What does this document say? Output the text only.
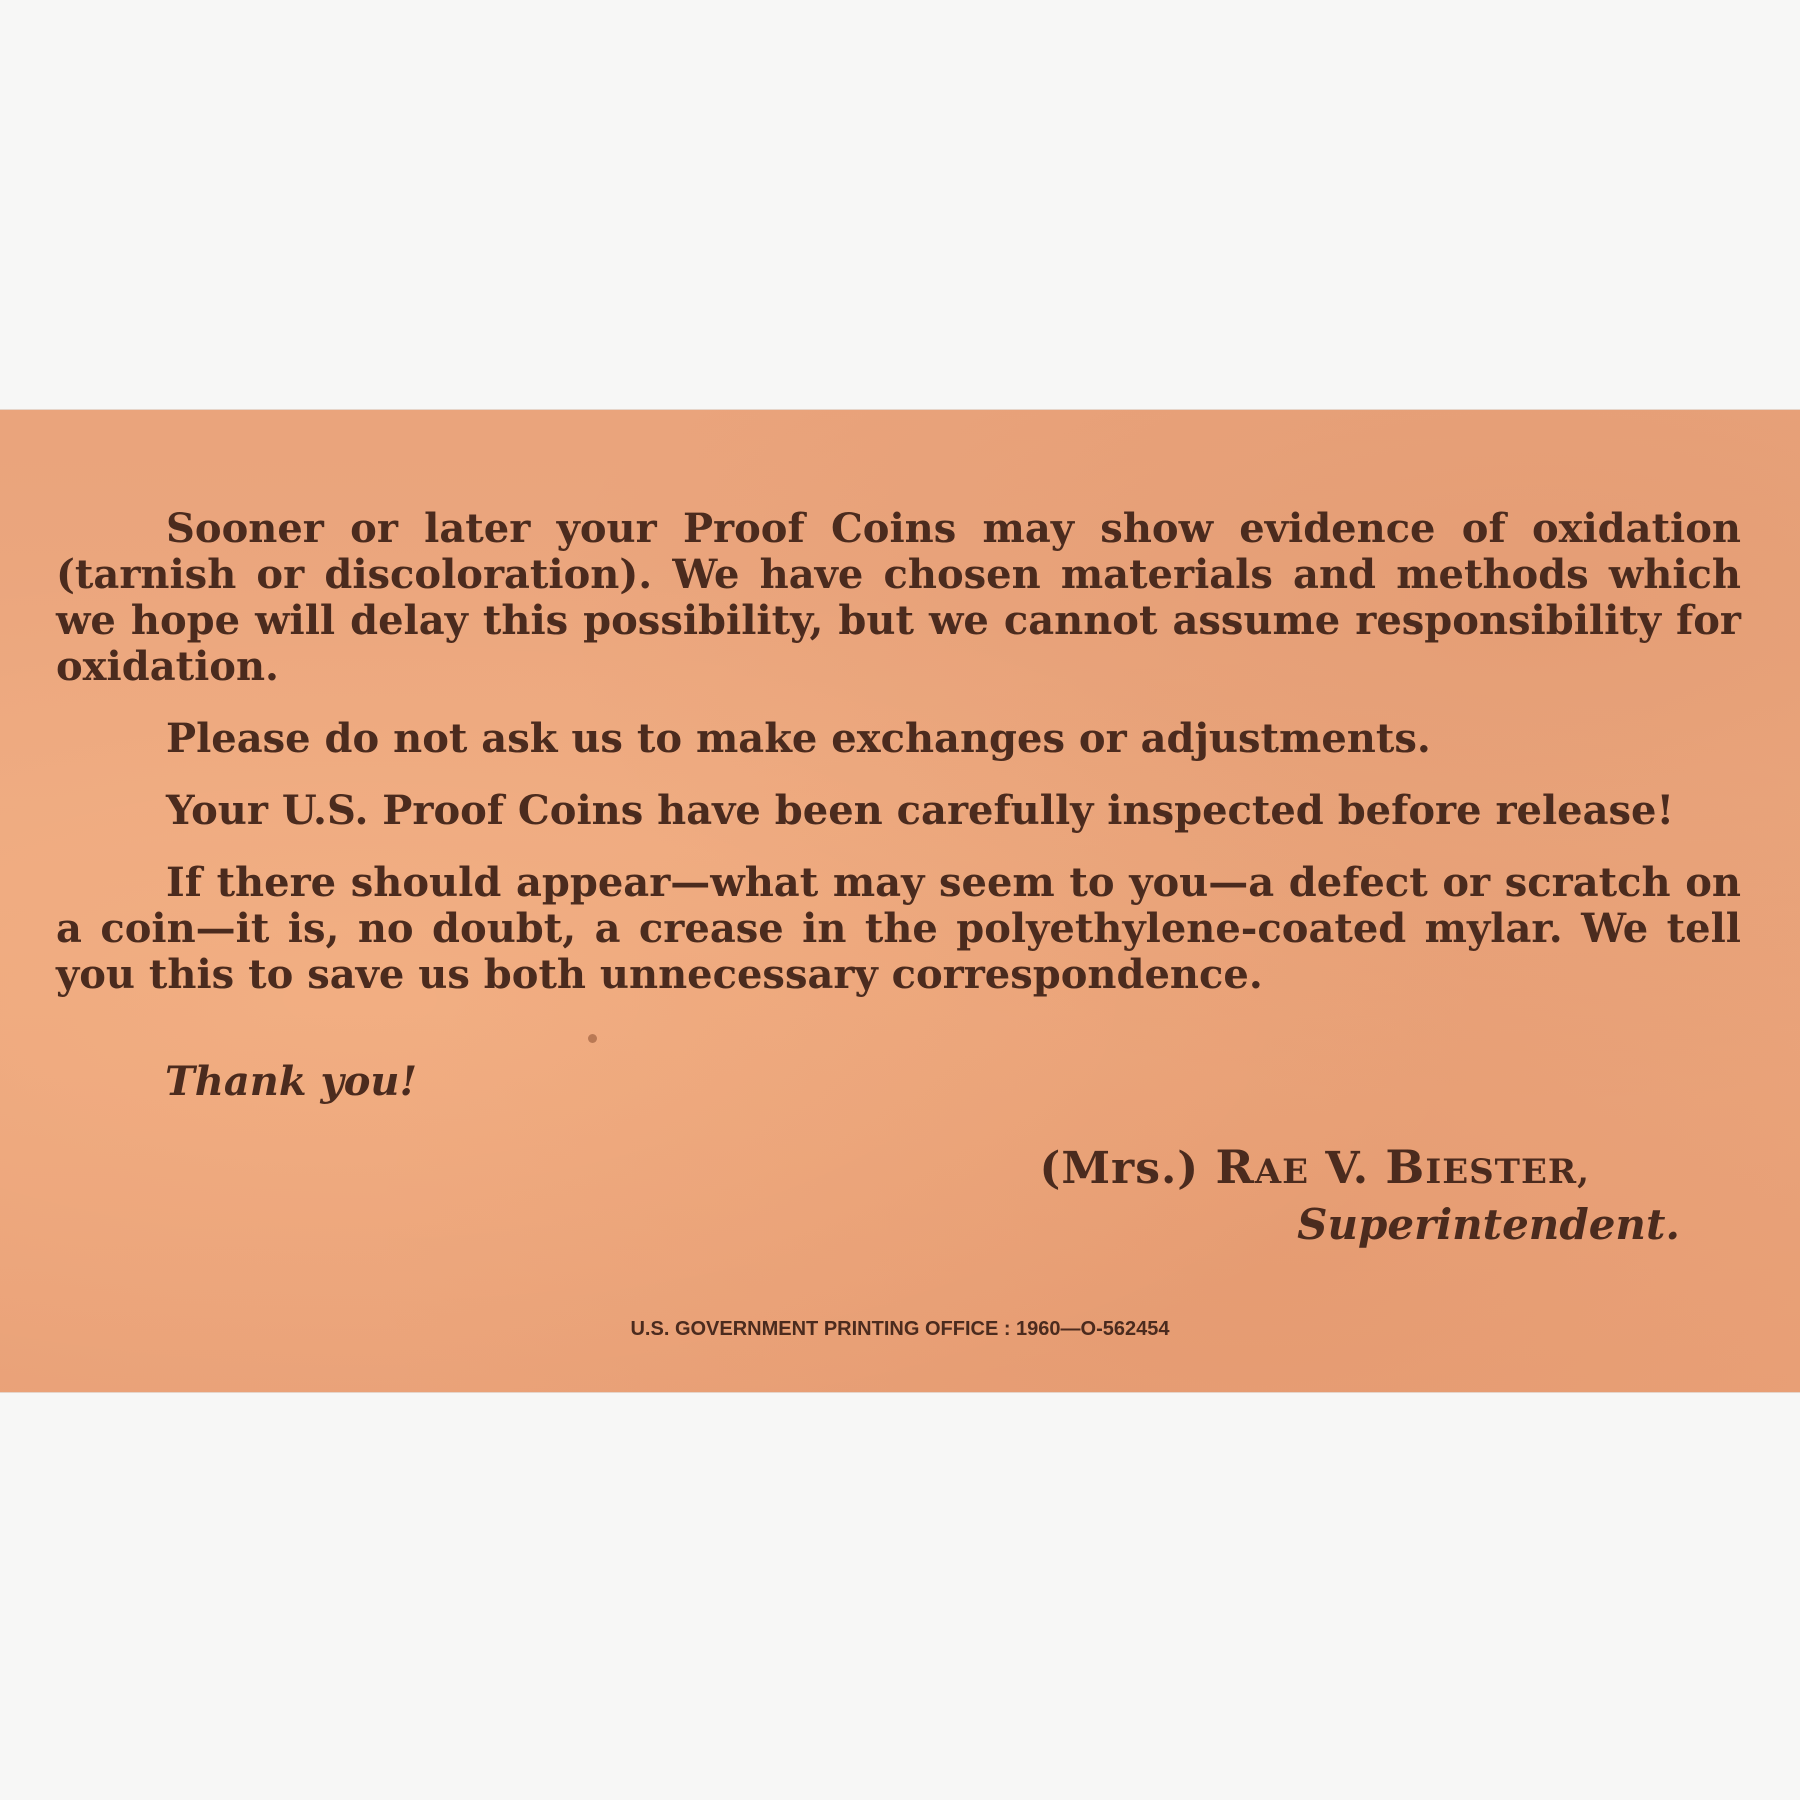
Sooner or later your Proof Coins may show evidence of oxidation (tarnish or discoloration). We have chosen materials and methods which we hope will delay this possibility, but we cannot assume responsibility for oxidation.

Please do not ask us to make exchanges or adjustments.

Your U.S. Proof Coins have been carefully inspected before release!

If there should appear—what may seem to you—a defect or scratch on a coin—it is, no doubt, a crease in the polyethylene-coated mylar. We tell you this to save us both unnecessary correspondence.

Thank you!
(Mrs.) RAE V. BIESTER,
Superintendent.
U.S. GOVERNMENT PRINTING OFFICE : 1960—O-562454
